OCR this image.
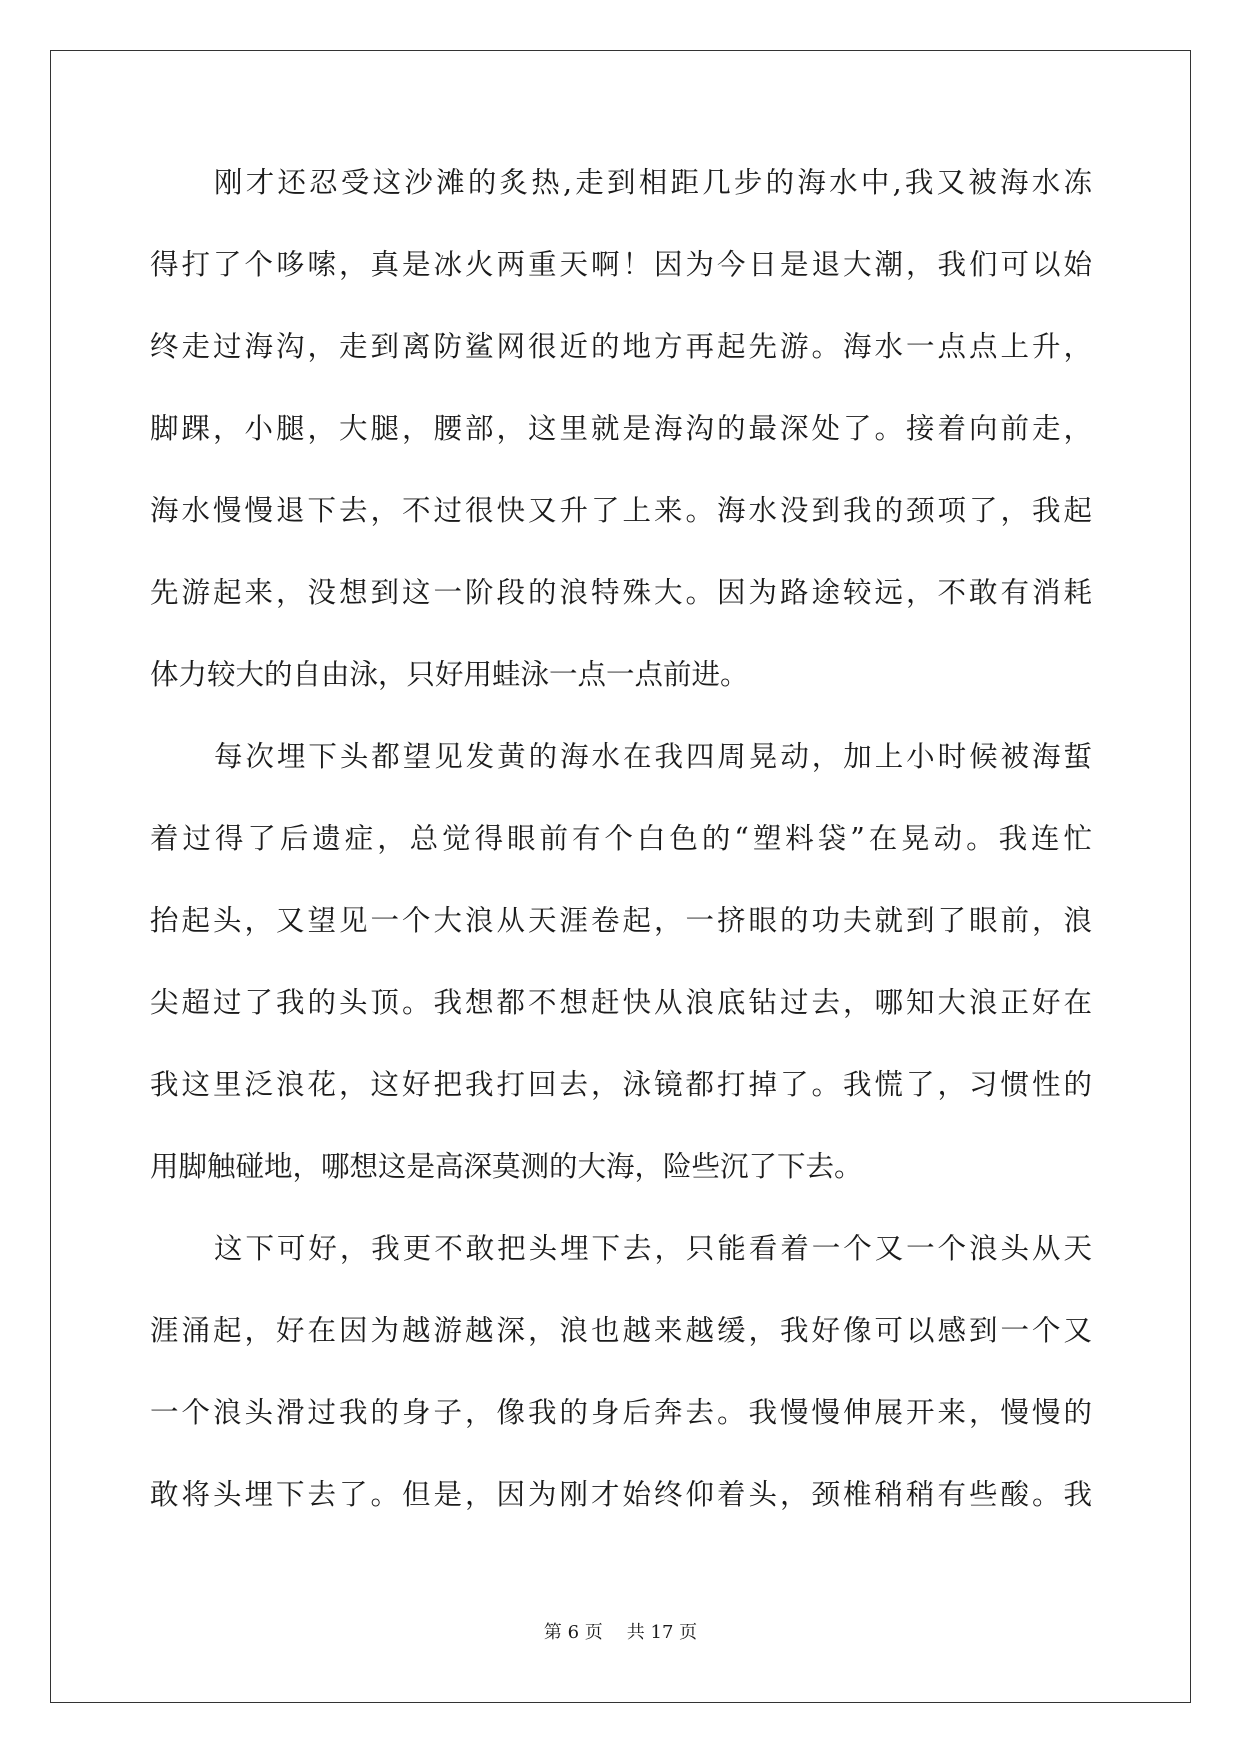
刚才还忍受这沙滩的炙热,走到相距几步的海水中,我又被海水冻
得打了个哆嗦，真是冰火两重天啊！因为今日是退大潮，我们可以始
终走过海沟，走到离防鲨网很近的地方再起先游。海水一点点上升，
脚踝，小腿，大腿，腰部，这里就是海沟的最深处了。接着向前走，
海水慢慢退下去，不过很快又升了上来。海水没到我的颈项了，我起
先游起来，没想到这一阶段的浪特殊大。因为路途较远，不敢有消耗
体力较大的自由泳，只好用蛙泳一点一点前进。
每次埋下头都望见发黄的海水在我四周晃动，加上小时候被海蜇
着过得了后遗症，总觉得眼前有个白色的“塑料袋”在晃动。我连忙
抬起头，又望见一个大浪从天涯卷起，一挤眼的功夫就到了眼前，浪
尖超过了我的头顶。我想都不想赶快从浪底钻过去，哪知大浪正好在
我这里泛浪花，这好把我打回去，泳镜都打掉了。我慌了，习惯性的
用脚触碰地，哪想这是高深莫测的大海，险些沉了下去。
这下可好，我更不敢把头埋下去，只能看着一个又一个浪头从天
涯涌起，好在因为越游越深，浪也越来越缓，我好像可以感到一个又
一个浪头滑过我的身子，像我的身后奔去。我慢慢伸展开来，慢慢的
敢将头埋下去了。但是，因为刚才始终仰着头，颈椎稍稍有些酸。我
第 6 页 共 17 页
